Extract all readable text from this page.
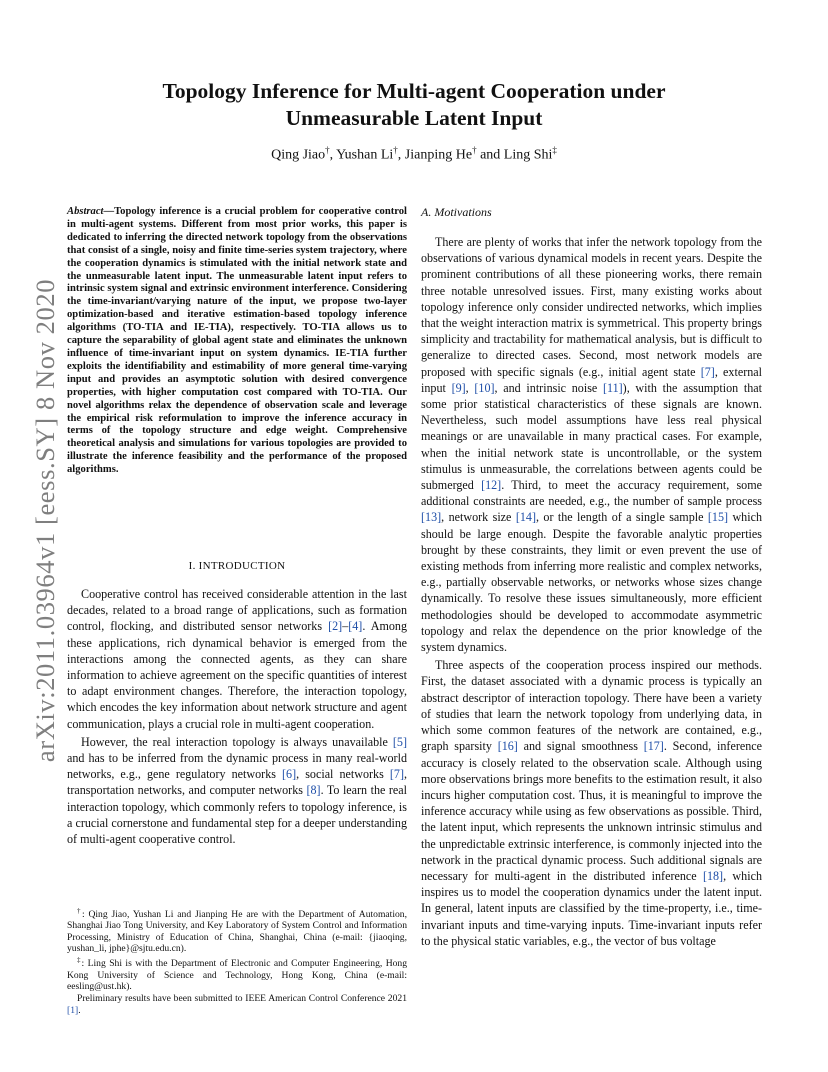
arXiv:2011.03964v1 [eess.SY] 8 Nov 2020
Topology Inference for Multi-agent Cooperation under
Unmeasurable Latent Input
Qing Jiao†, Yushan Li†, Jianping He† and Ling Shi‡
Abstract—Topology inference is a crucial problem for cooperative control in multi-agent systems. Different from most prior works, this paper is dedicated to inferring the directed network topology from the observations that consist of a single, noisy and finite time-series system trajectory, where the cooperation dynamics is stimulated with the initial network state and the unmeasurable latent input. The unmeasurable latent input refers to intrinsic system signal and extrinsic environment interference. Considering the time-invariant/varying nature of the input, we propose two-layer optimization-based and iterative estimation-based topology inference algorithms (TO-TIA and IE-TIA), respectively. TO-TIA allows us to capture the separability of global agent state and eliminates the unknown influence of time-invariant input on system dynamics. IE-TIA further exploits the identifiability and estimability of more general time-varying input and provides an asymptotic solution with desired convergence properties, with higher computation cost compared with TO-TIA. Our novel algorithms relax the dependence of observation scale and leverage the empirical risk reformulation to improve the inference accuracy in terms of the topology structure and edge weight. Comprehensive theoretical analysis and simulations for various topologies are provided to illustrate the inference feasibility and the performance of the proposed algorithms.
I. INTRODUCTION

Cooperative control has received considerable attention in the last decades, related to a broad range of applications, such as formation control, flocking, and distributed sensor networks [2]–[4]. Among these applications, rich dynamical behavior is emerged from the interactions among the connected agents, as they can share information to achieve agreement on the specific quantities of interest to adapt environment changes. Therefore, the interaction topology, which encodes the key information about network structure and agent communication, plays a crucial role in multi-agent cooperation.

However, the real interaction topology is always unavailable [5] and has to be inferred from the dynamic process in many real-world networks, e.g., gene regulatory networks [6], social networks [7], transportation networks, and computer networks [8]. To learn the real interaction topology, which commonly refers to topology inference, is a crucial cornerstone and fundamental step for a deeper understanding of multi-agent cooperative control.

†: Qing Jiao, Yushan Li and Jianping He are with the Department of Automation, Shanghai Jiao Tong University, and Key Laboratory of System Control and Information Processing, Ministry of Education of China, Shanghai, China (e-mail: {jiaoqing, yushan_li, jphe}@sjtu.edu.cn).

‡: Ling Shi is with the Department of Electronic and Computer Engineering, Hong Kong University of Science and Technology, Hong Kong, China (e-mail: eesling@ust.hk).

Preliminary results have been submitted to IEEE American Control Conference 2021 [1].

A. Motivations

There are plenty of works that infer the network topology from the observations of various dynamical models in recent years. Despite the prominent contributions of all these pioneering works, there remain three notable unresolved issues. First, many existing works about topology inference only consider undirected networks, which implies that the weight interaction matrix is symmetrical. This property brings simplicity and tractability for mathematical analysis, but is difficult to generalize to directed cases. Second, most network models are proposed with specific signals (e.g., initial agent state [7], external input [9], [10], and intrinsic noise [11]), with the assumption that some prior statistical characteristics of these signals are known. Nevertheless, such model assumptions have less real physical meanings or are unavailable in many practical cases. For example, when the initial network state is uncontrollable, or the system stimulus is unmeasurable, the correlations between agents could be submerged [12]. Third, to meet the accuracy requirement, some additional constraints are needed, e.g., the number of sample process [13], network size [14], or the length of a single sample [15] which should be large enough. Despite the favorable analytic properties brought by these constraints, they limit or even prevent the use of existing methods from inferring more realistic and complex networks, e.g., partially observable networks, or networks whose sizes change dynamically. To resolve these issues simultaneously, more efficient methodologies should be developed to accommodate asymmetric topology and relax the dependence on the prior knowledge of the system dynamics.

Three aspects of the cooperation process inspired our methods. First, the dataset associated with a dynamic process is typically an abstract descriptor of interaction topology. There have been a variety of studies that learn the network topology from underlying data, in which some common features of the network are contained, e.g., graph sparsity [16] and signal smoothness [17]. Second, inference accuracy is closely related to the observation scale. Although using more observations brings more benefits to the estimation result, it also incurs higher computation cost. Thus, it is meaningful to improve the inference accuracy while using as few observations as possible. Third, the latent input, which represents the unknown intrinsic stimulus and the unpredictable extrinsic interference, is commonly injected into the network in the practical dynamic process. Such additional signals are necessary for multi-agent in the distributed inference [18], which inspires us to model the cooperation dynamics under the latent input. In general, latent inputs are classified by the time-property, i.e., time-invariant inputs and time-varying inputs. Time-invariant inputs refer to the physical static variables, e.g., the vector of bus voltage
